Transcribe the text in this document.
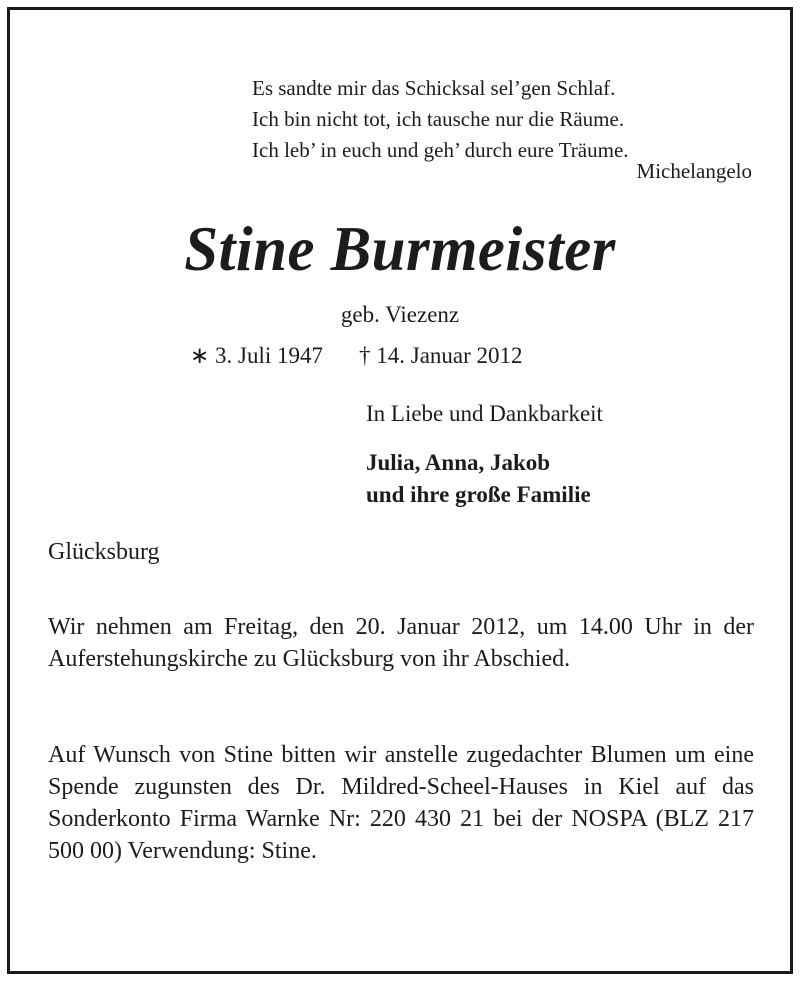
Es sandte mir das Schicksal sel’gen Schlaf.
Ich bin nicht tot, ich tausche nur die Räume.
Ich leb’ in euch und geh’ durch eure Träume.
Michelangelo
Stine Burmeister
geb. Viezenz
∗ 3. Juli 1947 † 14. Januar 2012
In Liebe und Dankbarkeit
Julia, Anna, Jakob
und ihre große Familie
Glücksburg
Wir nehmen am Freitag, den 20. Januar 2012, um 14.00 Uhr in der Auferstehungskirche zu Glücksburg von ihr Abschied.
Auf Wunsch von Stine bitten wir anstelle zugedachter Blumen um eine Spende zugunsten des Dr. Mildred-Scheel-Hauses in Kiel auf das Sonderkonto Firma Warnke Nr: 220 430 21 bei der NOSPA (BLZ 217 500 00) Verwendung: Stine.
